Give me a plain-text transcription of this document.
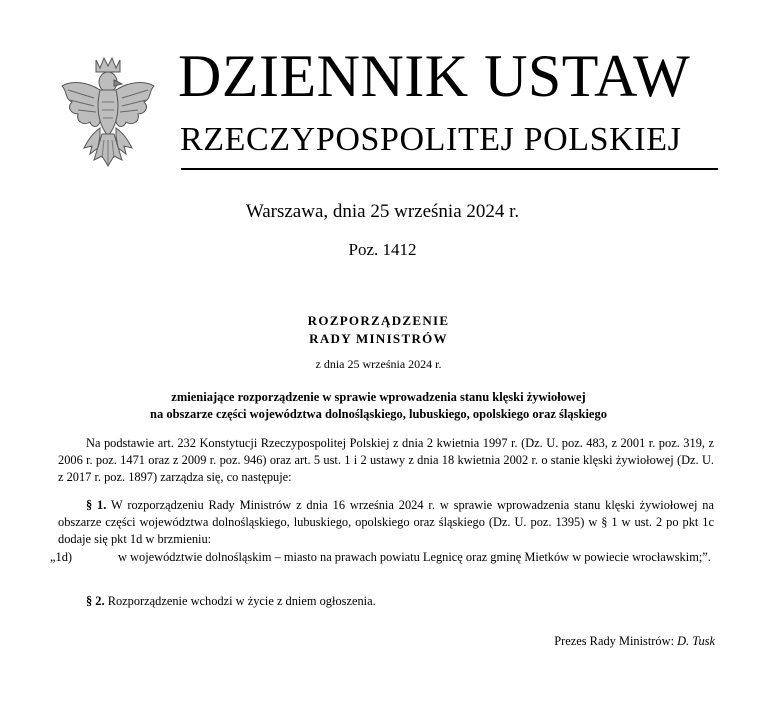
DZIENNIK USTAW
RZECZYPOSPOLITEJ POLSKIEJ

Warszawa, dnia 25 września 2024 r.

Poz. 1412

ROZPORZĄDZENIE

RADY MINISTRÓW

z dnia 25 września 2024 r.

zmieniające rozporządzenie w sprawie wprowadzenia stanu klęski żywiołowej
na obszarze części województwa dolnośląskiego, lubuskiego, opolskiego oraz śląskiego

Na podstawie art. 232 Konstytucji Rzeczypospolitej Polskiej z dnia 2 kwietnia 1997 r. (Dz. U. poz. 483, z 2001 r. poz. 319, z 2006 r. poz. 1471 oraz z 2009 r. poz. 946) oraz art. 5 ust. 1 i 2 ustawy z dnia 18 kwietnia 2002 r. o stanie klęski żywiołowej (Dz. U. z 2017 r. poz. 1897) zarządza się, co następuje:

§ 1. W rozporządzeniu Rady Ministrów z dnia 16 września 2024 r. w sprawie wprowadzenia stanu klęski żywiołowej na obszarze części województwa dolnośląskiego, lubuskiego, opolskiego oraz śląskiego (Dz. U. poz. 1395) w § 1 w ust. 2 po pkt 1c dodaje się pkt 1d w brzmieniu:

„1d)	w województwie dolnośląskim – miasto na prawach powiatu Legnicę oraz gminę Mietków w powiecie wrocławskim;”.

§ 2. Rozporządzenie wchodzi w życie z dniem ogłoszenia.

Prezes Rady Ministrów: D. Tusk
